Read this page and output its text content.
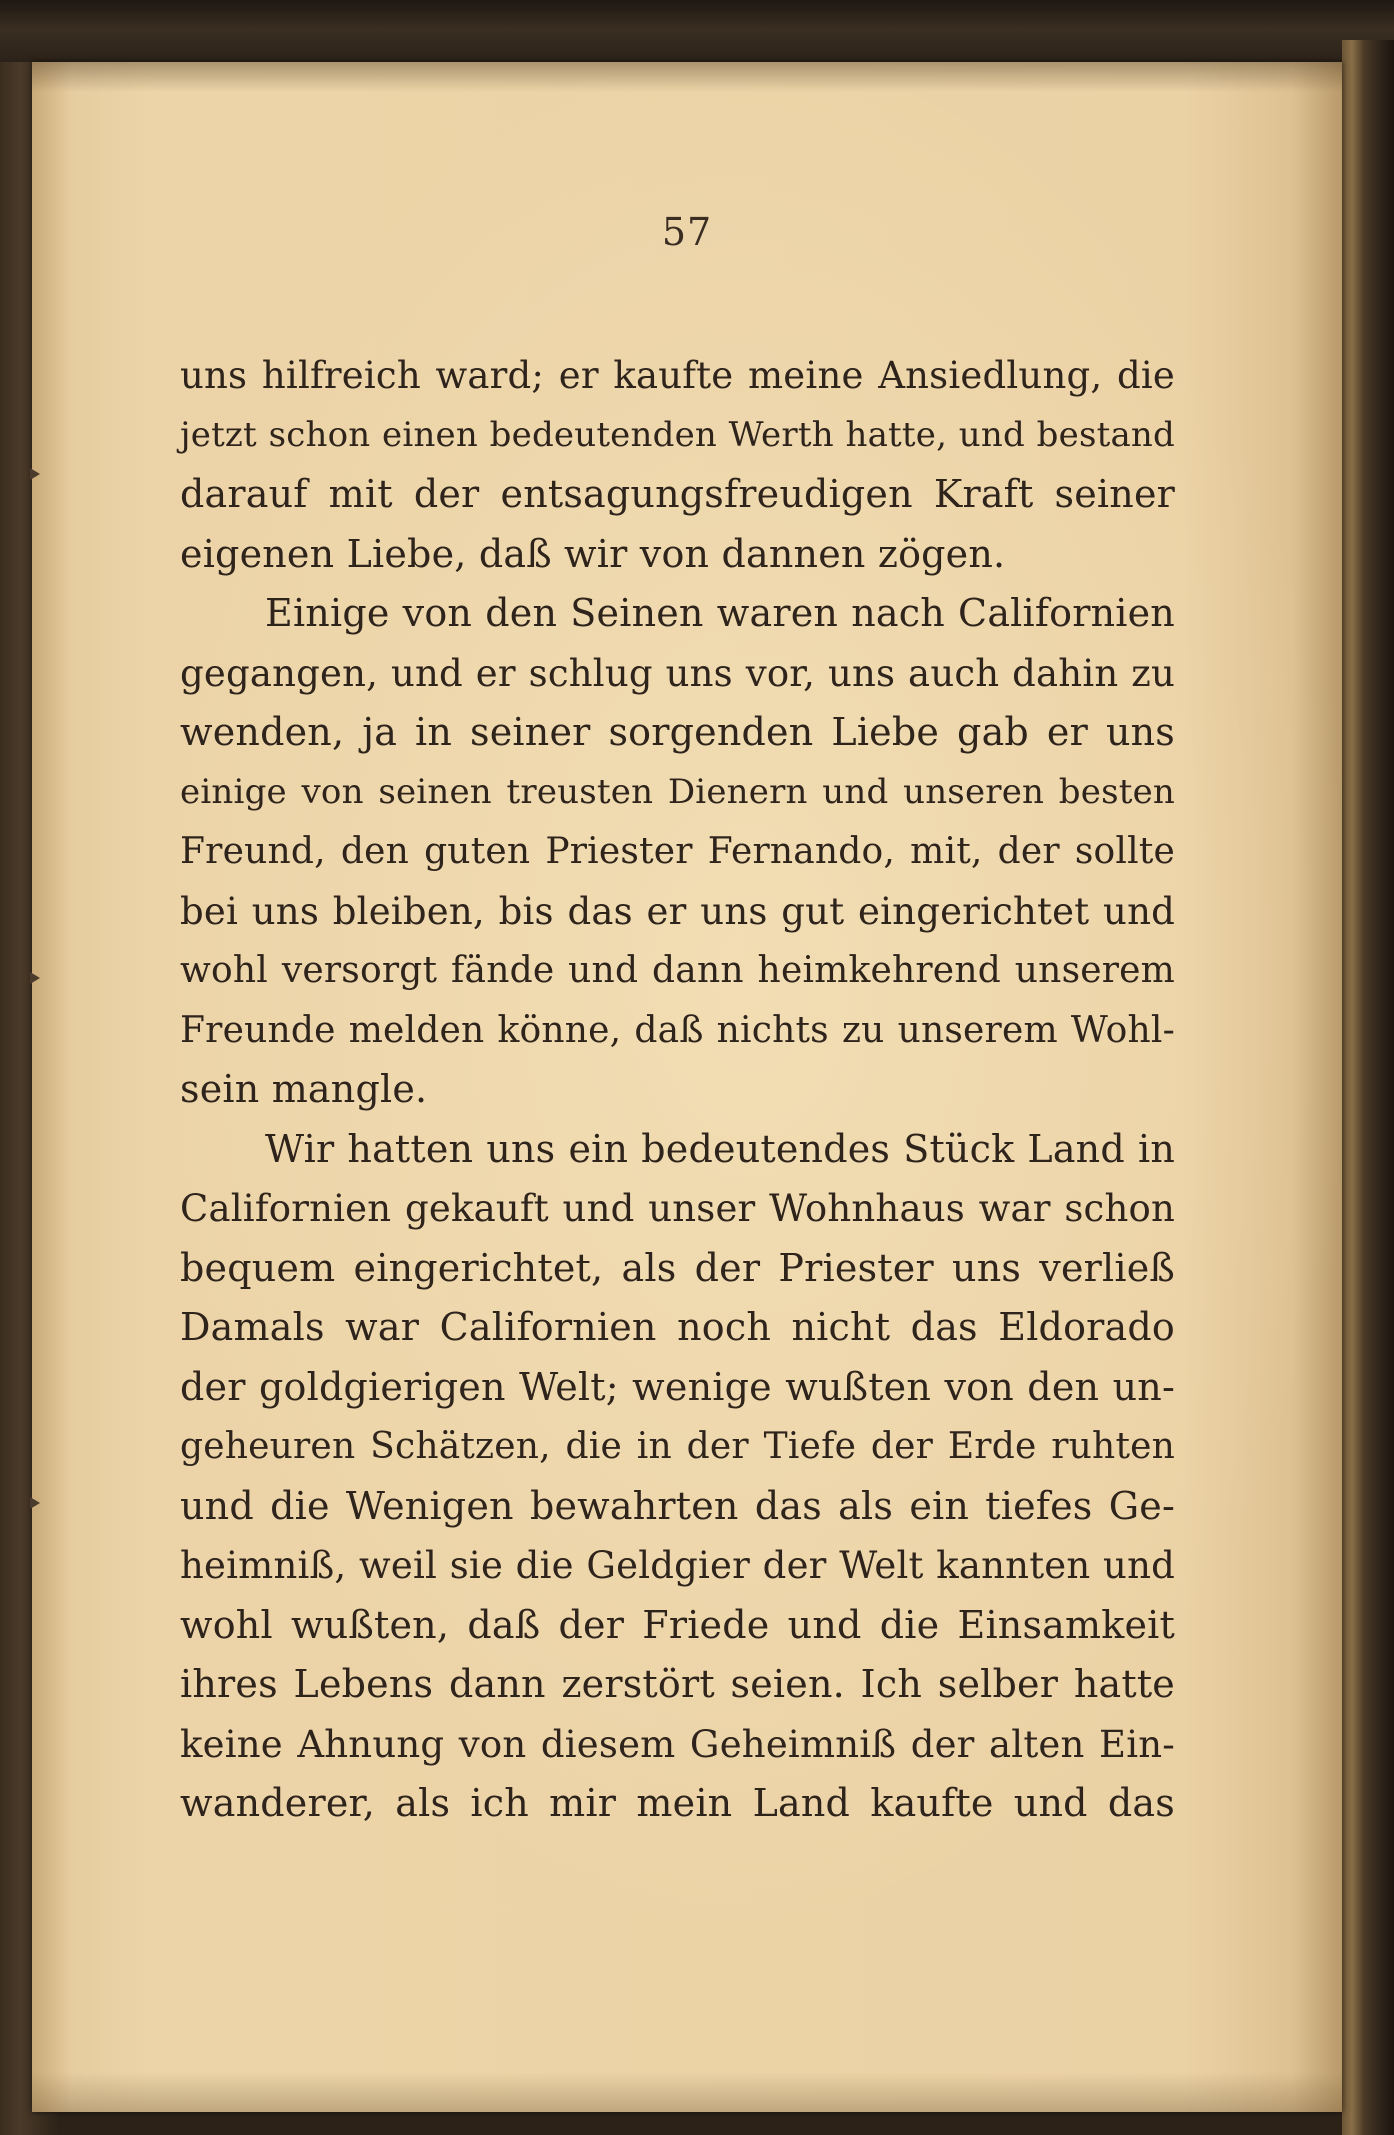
57
uns hilfreich ward; er kaufte meine Ansiedlung, die
jetzt schon einen bedeutenden Werth hatte, und bestand
darauf mit der entsagungsfreudigen Kraft seiner
eigenen Liebe, daß wir von dannen zögen.
Einige von den Seinen waren nach Californien
gegangen, und er schlug uns vor, uns auch dahin zu
wenden, ja in seiner sorgenden Liebe gab er uns
einige von seinen treusten Dienern und unseren besten
Freund, den guten Priester Fernando, mit, der sollte
bei uns bleiben, bis das er uns gut eingerichtet und
wohl versorgt fände und dann heimkehrend unserem
Freunde melden könne, daß nichts zu unserem Wohl-
sein mangle.
Wir hatten uns ein bedeutendes Stück Land in
Californien gekauft und unser Wohnhaus war schon
bequem eingerichtet, als der Priester uns verließ
Damals war Californien noch nicht das Eldorado
der goldgierigen Welt; wenige wußten von den un-
geheuren Schätzen, die in der Tiefe der Erde ruhten
und die Wenigen bewahrten das als ein tiefes Ge-
heimniß, weil sie die Geldgier der Welt kannten und
wohl wußten, daß der Friede und die Einsamkeit
ihres Lebens dann zerstört seien. Ich selber hatte
keine Ahnung von diesem Geheimniß der alten Ein-
wanderer, als ich mir mein Land kaufte und das
